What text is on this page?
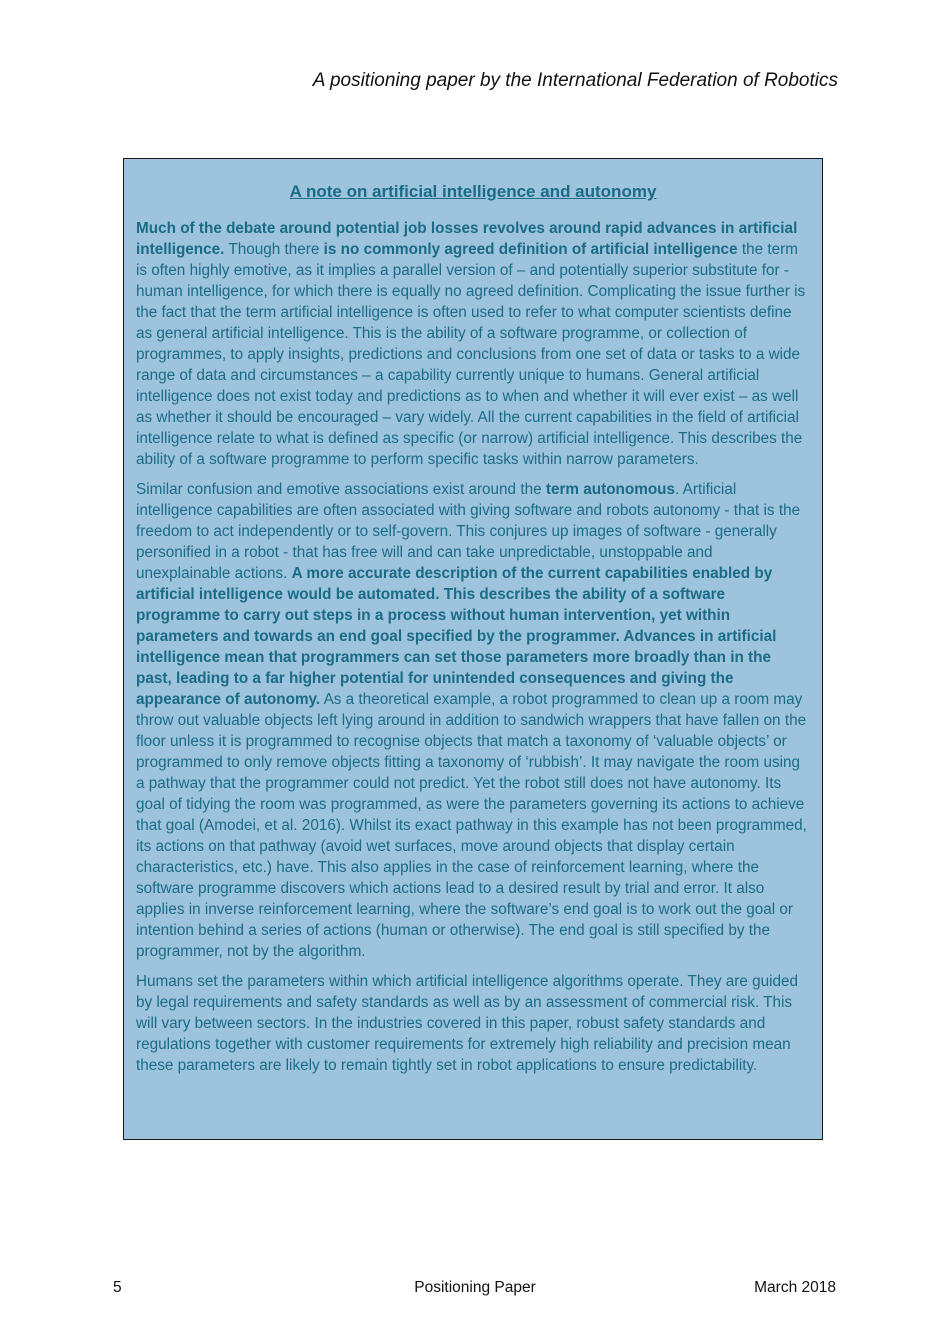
A positioning paper by the International Federation of Robotics
A note on artificial intelligence and autonomy

Much of the debate around potential job losses revolves around rapid advances in artificial intelligence. Though there is no commonly agreed definition of artificial intelligence the term is often highly emotive, as it implies a parallel version of – and potentially superior substitute for - human intelligence, for which there is equally no agreed definition. Complicating the issue further is the fact that the term artificial intelligence is often used to refer to what computer scientists define as general artificial intelligence. This is the ability of a software programme, or collection of programmes, to apply insights, predictions and conclusions from one set of data or tasks to a wide range of data and circumstances – a capability currently unique to humans. General artificial intelligence does not exist today and predictions as to when and whether it will ever exist – as well as whether it should be encouraged – vary widely. All the current capabilities in the field of artificial intelligence relate to what is defined as specific (or narrow) artificial intelligence. This describes the ability of a software programme to perform specific tasks within narrow parameters.

Similar confusion and emotive associations exist around the term autonomous. Artificial intelligence capabilities are often associated with giving software and robots autonomy - that is the freedom to act independently or to self-govern. This conjures up images of software - generally personified in a robot - that has free will and can take unpredictable, unstoppable and unexplainable actions. A more accurate description of the current capabilities enabled by artificial intelligence would be automated. This describes the ability of a software programme to carry out steps in a process without human intervention, yet within parameters and towards an end goal specified by the programmer. Advances in artificial intelligence mean that programmers can set those parameters more broadly than in the past, leading to a far higher potential for unintended consequences and giving the appearance of autonomy. As a theoretical example, a robot programmed to clean up a room may throw out valuable objects left lying around in addition to sandwich wrappers that have fallen on the floor unless it is programmed to recognise objects that match a taxonomy of ‘valuable objects’ or programmed to only remove objects fitting a taxonomy of ‘rubbish’. It may navigate the room using a pathway that the programmer could not predict. Yet the robot still does not have autonomy. Its goal of tidying the room was programmed, as were the parameters governing its actions to achieve that goal (Amodei, et al. 2016). Whilst its exact pathway in this example has not been programmed, its actions on that pathway (avoid wet surfaces, move around objects that display certain characteristics, etc.) have. This also applies in the case of reinforcement learning, where the software programme discovers which actions lead to a desired result by trial and error. It also applies in inverse reinforcement learning, where the software’s end goal is to work out the goal or intention behind a series of actions (human or otherwise). The end goal is still specified by the programmer, not by the algorithm.

Humans set the parameters within which artificial intelligence algorithms operate. They are guided by legal requirements and safety standards as well as by an assessment of commercial risk. This will vary between sectors. In the industries covered in this paper, robust safety standards and regulations together with customer requirements for extremely high reliability and precision mean these parameters are likely to remain tightly set in robot applications to ensure predictability.

5	Positioning Paper	March 2018
